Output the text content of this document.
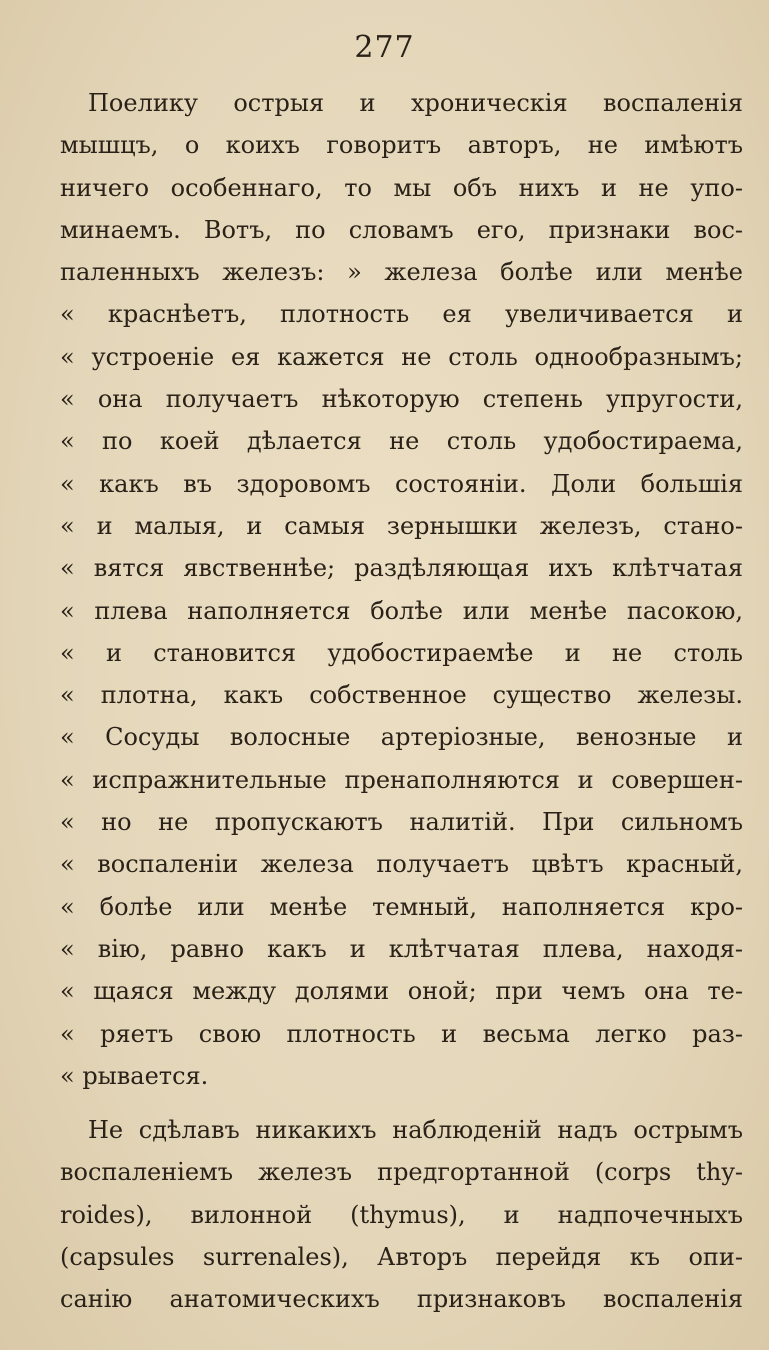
277
Поелику острыя и хроническія воспаленія
мышцъ, о коихъ говоритъ авторъ, не имѣютъ
ничего особеннаго, то мы объ нихъ и не упо-
минаемъ. Вотъ, по словамъ его, признаки вос-
паленныхъ железъ: » железа болѣе или менѣе
« краснѣетъ, плотность ея увеличивается и
« устроеніе ея кажется не столь однообразнымъ;
« она получаетъ нѣкоторую степень упругости,
« по коей дѣлается не столь удобостираема,
« какъ въ здоровомъ состояніи. Доли большія
« и малыя, и самыя зернышки железъ, стано-
« вятся явственнѣе; раздѣляющая ихъ клѣтчатая
« плева наполняется болѣе или менѣе пасокою,
« и становится удобостираемѣе и не столь
« плотна, какъ собственное существо железы.
« Сосуды волосные артеріозные, венозные и
« испражнительные пренаполняются и совершен-
« но не пропускаютъ налитій. При сильномъ
« воспаленіи железа получаетъ цвѣтъ красный,
« болѣе или менѣе темный, наполняется кро-
« вію, равно какъ и клѣтчатая плева, находя-
« щаяся между долями оной; при чемъ она те-
« ряетъ свою плотность и весьма легко раз-
« рывается.
Не сдѣлавъ никакихъ наблюденій надъ острымъ
воспаленіемъ железъ предгортанной (corps thy-
roides), вилонной (thymus), и надпочечныхъ
(capsules surrenales), Авторъ перейдя къ опи-
санію анатомическихъ признаковъ воспаленія
